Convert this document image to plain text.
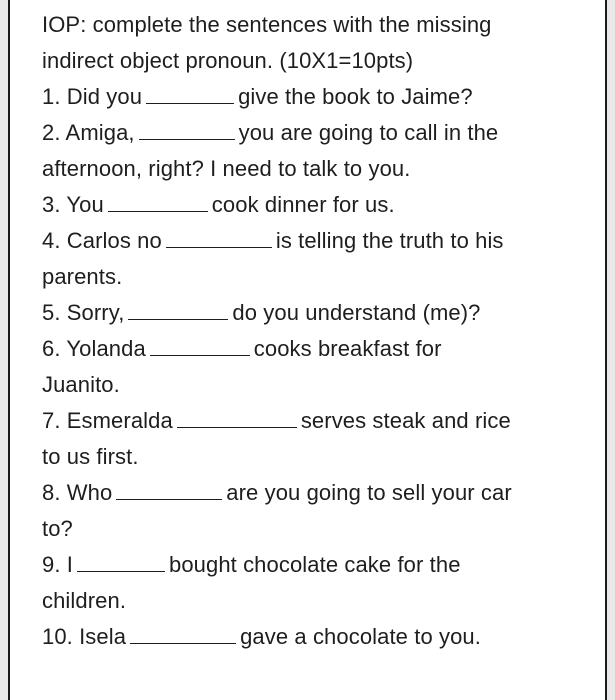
IOP: complete the sentences with the missing
indirect object pronoun. (10X1=10pts)
1. Did you	give the book to Jaime?
2. Amiga,	you are going to call in the
afternoon, right? I need to talk to you.
3. You	cook dinner for us.
4. Carlos no	is telling the truth to his
parents.
5. Sorry,	do you understand (me)?
6. Yolanda	cooks breakfast for
Juanito.
7. Esmeralda	serves steak and rice
to us first.
8. Who	are you going to sell your car
to?
9. I	bought chocolate cake for the
children.
10. Isela	gave a chocolate to you.
